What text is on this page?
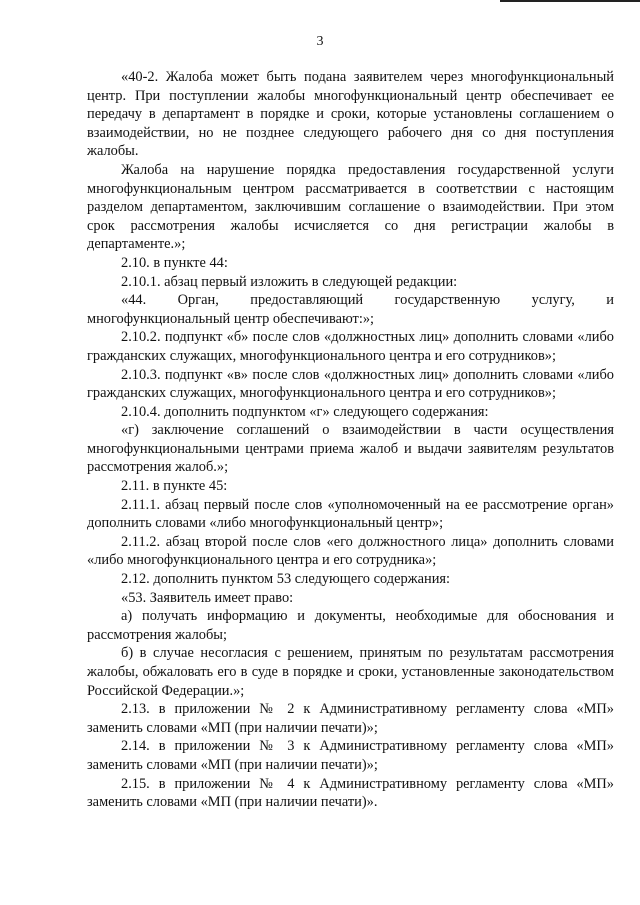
3

«40-2. Жалоба может быть подана заявителем через многофункциональный центр. При поступлении жалобы многофункциональный центр обеспечивает ее передачу в департамент в порядке и сроки, которые установлены соглашением о взаимодействии, но не позднее следующего рабочего дня со дня поступления жалобы.

Жалоба на нарушение порядка предоставления государственной услуги многофункциональным центром рассматривается в соответствии с настоящим разделом департаментом, заключившим соглашение о взаимодействии. При этом срок рассмотрения жалобы исчисляется со дня регистрации жалобы в департаменте.»;

2.10. в пункте 44:

2.10.1. абзац первый изложить в следующей редакции:

«44. Орган, предоставляющий государственную услугу, и многофункциональный центр обеспечивают:»;

2.10.2. подпункт «б» после слов «должностных лиц» дополнить словами «либо гражданских служащих, многофункционального центра и его сотрудников»;

2.10.3. подпункт «в» после слов «должностных лиц» дополнить словами «либо гражданских служащих, многофункционального центра и его сотрудников»;

2.10.4. дополнить подпунктом «г» следующего содержания:

«г) заключение соглашений о взаимодействии в части осуществления многофункциональными центрами приема жалоб и выдачи заявителям результатов рассмотрения жалоб.»;

2.11. в пункте 45:

2.11.1. абзац первый после слов «уполномоченный на ее рассмотрение орган» дополнить словами «либо многофункциональный центр»;

2.11.2. абзац второй после слов «его должностного лица» дополнить словами «либо многофункционального центра и его сотрудника»;

2.12. дополнить пунктом 53 следующего содержания:

«53. Заявитель имеет право:

а) получать информацию и документы, необходимые для обоснования и рассмотрения жалобы;

б) в случае несогласия с решением, принятым по результатам рассмотрения жалобы, обжаловать его в суде в порядке и сроки, установленные законодательством Российской Федерации.»;

2.13. в приложении № 2 к Административному регламенту слова «МП» заменить словами «МП (при наличии печати)»;

2.14. в приложении № 3 к Административному регламенту слова «МП» заменить словами «МП (при наличии печати)»;

2.15. в приложении № 4 к Административному регламенту слова «МП» заменить словами «МП (при наличии печати)».
